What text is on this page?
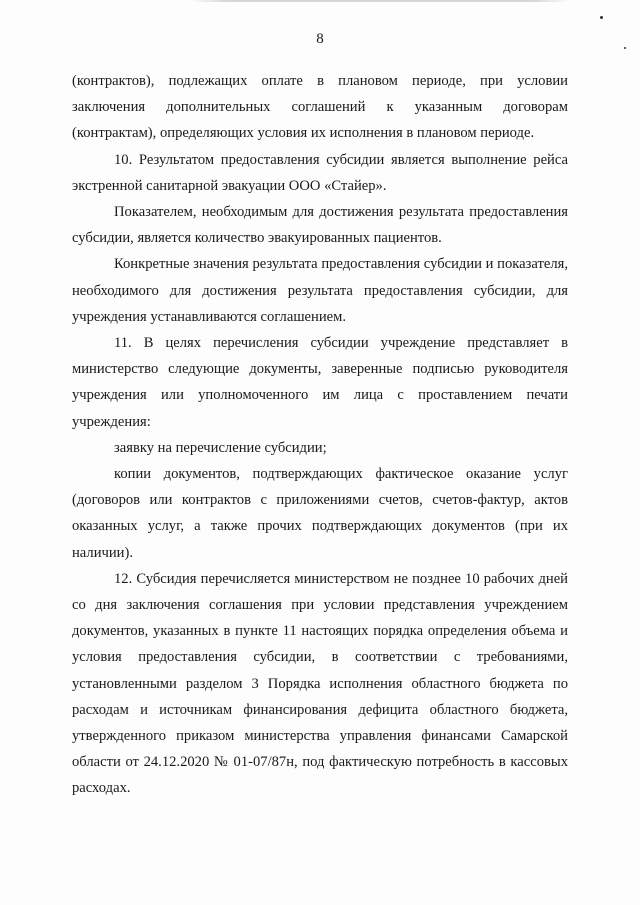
8

(контрактов), подлежащих оплате в плановом периоде, при условии заключения дополнительных соглашений к указанным договорам (контрактам), определяющих условия их исполнения в плановом периоде.

10. Результатом предоставления субсидии является выполнение рейса экстренной санитарной эвакуации ООО «Стайер».

Показателем, необходимым для достижения результата предоставления субсидии, является количество эвакуированных пациентов.

Конкретные значения результата предоставления субсидии и показателя, необходимого для достижения результата предоставления субсидии, для учреждения устанавливаются соглашением.

11. В целях перечисления субсидии учреждение представляет в министерство следующие документы, заверенные подписью руководителя учреждения или уполномоченного им лица с проставлением печати учреждения:

заявку на перечисление субсидии;

копии документов, подтверждающих фактическое оказание услуг (договоров или контрактов с приложениями счетов, счетов-фактур, актов оказанных услуг, а также прочих подтверждающих документов (при их наличии).

12. Субсидия перечисляется министерством не позднее 10 рабочих дней со дня заключения соглашения при условии представления учреждением документов, указанных в пункте 11 настоящих порядка определения объема и условия предоставления субсидии, в соответствии с требованиями, установленными разделом 3 Порядка исполнения областного бюджета по расходам и источникам финансирования дефицита областного бюджета, утвержденного приказом министерства управления финансами Самарской области от 24.12.2020 № 01-07/87н, под фактическую потребность в кассовых расходах.
